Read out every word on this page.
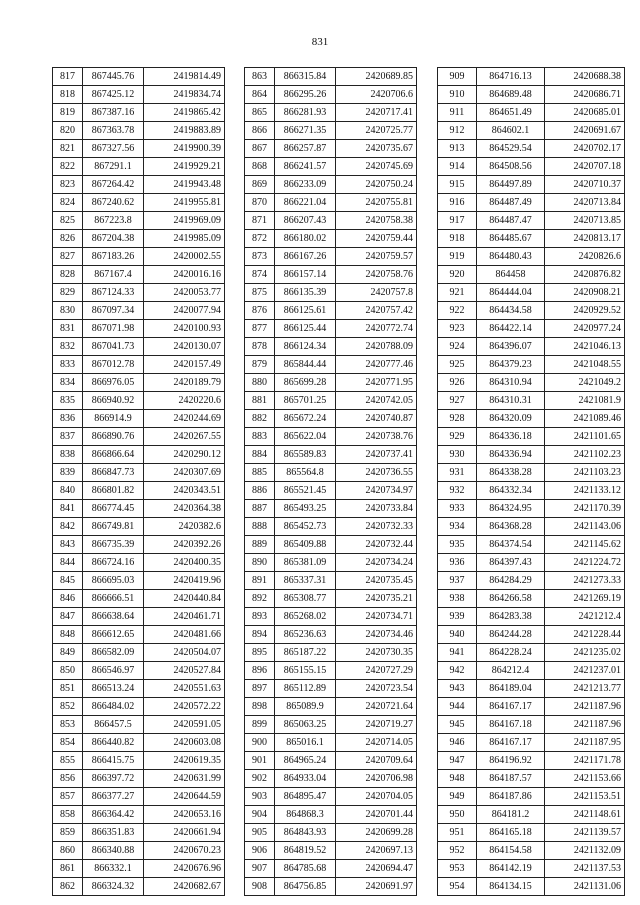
831
817	867445.76	2419814.49
818	867425.12	2419834.74
819	867387.16	2419865.42
820	867363.78	2419883.89
821	867327.56	2419900.39
822	867291.1	2419929.21
823	867264.42	2419943.48
824	867240.62	2419955.81
825	867223.8	2419969.09
826	867204.38	2419985.09
827	867183.26	2420002.55
828	867167.4	2420016.16
829	867124.33	2420053.77
830	867097.34	2420077.94
831	867071.98	2420100.93
832	867041.73	2420130.07
833	867012.78	2420157.49
834	866976.05	2420189.79
835	866940.92	2420220.6
836	866914.9	2420244.69
837	866890.76	2420267.55
838	866866.64	2420290.12
839	866847.73	2420307.69
840	866801.82	2420343.51
841	866774.45	2420364.38
842	866749.81	2420382.6
843	866735.39	2420392.26
844	866724.16	2420400.35
845	866695.03	2420419.96
846	866666.51	2420440.84
847	866638.64	2420461.71
848	866612.65	2420481.66
849	866582.09	2420504.07
850	866546.97	2420527.84
851	866513.24	2420551.63
852	866484.02	2420572.22
853	866457.5	2420591.05
854	866440.82	2420603.08
855	866415.75	2420619.35
856	866397.72	2420631.99
857	866377.27	2420644.59
858	866364.42	2420653.16
859	866351.83	2420661.94
860	866340.88	2420670.23
861	866332.1	2420676.96
862	866324.32	2420682.67
863	866315.84	2420689.85
864	866295.26	2420706.6
865	866281.93	2420717.41
866	866271.35	2420725.77
867	866257.87	2420735.67
868	866241.57	2420745.69
869	866233.09	2420750.24
870	866221.04	2420755.81
871	866207.43	2420758.38
872	866180.02	2420759.44
873	866167.26	2420759.57
874	866157.14	2420758.76
875	866135.39	2420757.8
876	866125.61	2420757.42
877	866125.44	2420772.74
878	866124.34	2420788.09
879	865844.44	2420777.46
880	865699.28	2420771.95
881	865701.25	2420742.05
882	865672.24	2420740.87
883	865622.04	2420738.76
884	865589.83	2420737.41
885	865564.8	2420736.55
886	865521.45	2420734.97
887	865493.25	2420733.84
888	865452.73	2420732.33
889	865409.88	2420732.44
890	865381.09	2420734.24
891	865337.31	2420735.45
892	865308.77	2420735.21
893	865268.02	2420734.71
894	865236.63	2420734.46
895	865187.22	2420730.35
896	865155.15	2420727.29
897	865112.89	2420723.54
898	865089.9	2420721.64
899	865063.25	2420719.27
900	865016.1	2420714.05
901	864965.24	2420709.64
902	864933.04	2420706.98
903	864895.47	2420704.05
904	864868.3	2420701.44
905	864843.93	2420699.28
906	864819.52	2420697.13
907	864785.68	2420694.47
908	864756.85	2420691.97
909	864716.13	2420688.38
910	864689.48	2420686.71
911	864651.49	2420685.01
912	864602.1	2420691.67
913	864529.54	2420702.17
914	864508.56	2420707.18
915	864497.89	2420710.37
916	864487.49	2420713.84
917	864487.47	2420713.85
918	864485.67	2420813.17
919	864480.43	2420826.6
920	864458	2420876.82
921	864444.04	2420908.21
922	864434.58	2420929.52
923	864422.14	2420977.24
924	864396.07	2421046.13
925	864379.23	2421048.55
926	864310.94	2421049.2
927	864310.31	2421081.9
928	864320.09	2421089.46
929	864336.18	2421101.65
930	864336.94	2421102.23
931	864338.28	2421103.23
932	864332.34	2421133.12
933	864324.95	2421170.39
934	864368.28	2421143.06
935	864374.54	2421145.62
936	864397.43	2421224.72
937	864284.29	2421273.33
938	864266.58	2421269.19
939	864283.38	2421212.4
940	864244.28	2421228.44
941	864228.24	2421235.02
942	864212.4	2421237.01
943	864189.04	2421213.77
944	864167.17	2421187.96
945	864167.18	2421187.96
946	864167.17	2421187.95
947	864196.92	2421171.78
948	864187.57	2421153.66
949	864187.86	2421153.51
950	864181.2	2421148.61
951	864165.18	2421139.57
952	864154.58	2421132.09
953	864142.19	2421137.53
954	864134.15	2421131.06
